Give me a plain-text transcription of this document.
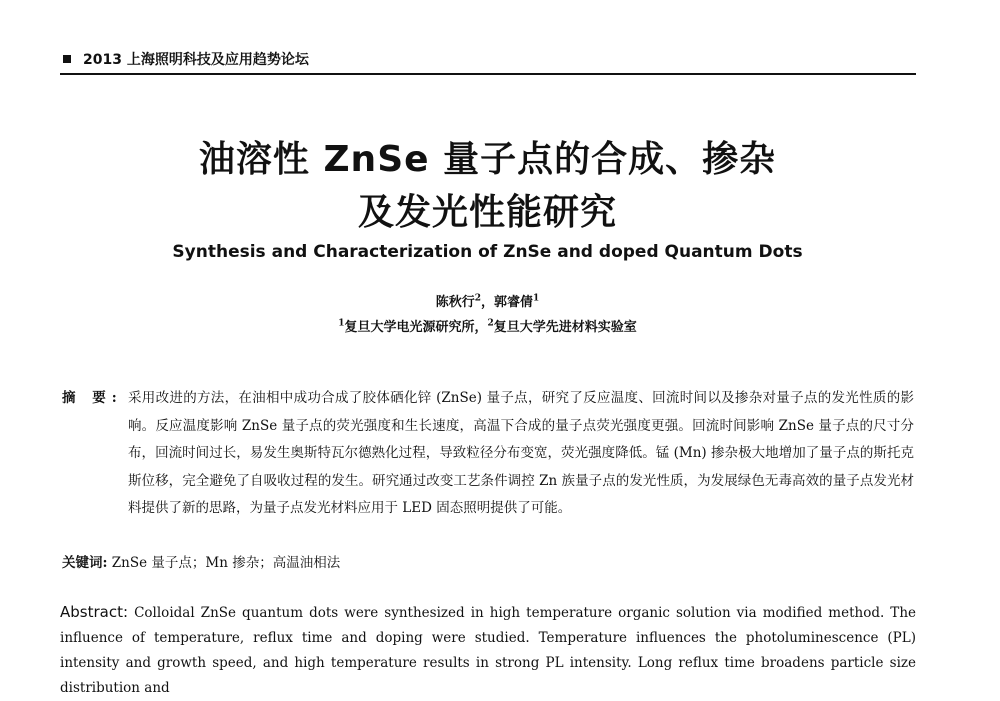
2013 上海照明科技及应用趋势论坛
油溶性 ZnSe 量子点的合成、掺杂
及发光性能研究
Synthesis and Characterization of ZnSe and doped Quantum Dots
陈秋行$^2$，郭睿倩$^1$
$^1$复旦大学电光源研究所，$^2$复旦大学先进材料实验室
摘 要: 采用改进的方法，在油相中成功合成了胶体硒化锌 (ZnSe) 量子点，研究了反应温度、回流时间以及掺杂对量子点的发光性质的影响。反应温度影响 ZnSe 量子点的荧光强度和生长速度，高温下合成的量子点荧光强度更强。回流时间影响 ZnSe 量子点的尺寸分布，回流时间过长，易发生奥斯特瓦尔德熟化过程，导致粒径分布变宽，荧光强度降低。锰 (Mn) 掺杂极大地增加了量子点的斯托克斯位移，完全避免了自吸收过程的发生。研究通过改变工艺条件调控 Zn 族量子点的发光性质，为发展绿色无毒高效的量子点发光材料提供了新的思路，为量子点发光材料应用于 LED 固态照明提供了可能。
关键词: ZnSe 量子点；Mn 掺杂；高温油相法
Abstract: Colloidal ZnSe quantum dots were synthesized in high temperature organic solution via modified method. The influence of temperature, reflux time and doping were studied. Temperature influences the photoluminescence (PL) intensity and growth speed, and high temperature results in strong PL intensity. Long reflux time broadens particle size distribution and
